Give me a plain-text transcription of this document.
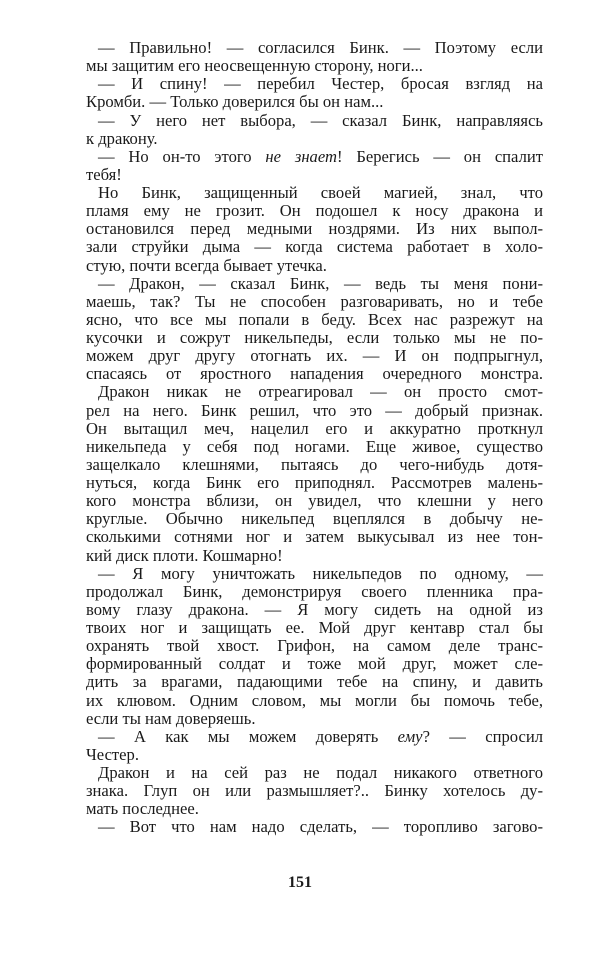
— Правильно! — согласился Бинк. — Поэтому если
мы защитим его неосвещенную сторону, ноги...
— И спину! — перебил Честер, бросая взгляд на
Кромби. — Только доверился бы он нам...
— У него нет выбора, — сказал Бинк, направляясь
к дракону.
— Но он-то этого не знает! Берегись — он спалит
тебя!
Но Бинк, защищенный своей магией, знал, что
пламя ему не грозит. Он подошел к носу дракона и
остановился перед медными ноздрями. Из них выпол-
зали струйки дыма — когда система работает в холо-
стую, почти всегда бывает утечка.
— Дракон, — сказал Бинк, — ведь ты меня пони-
маешь, так? Ты не способен разговаривать, но и тебе
ясно, что все мы попали в беду. Всех нас разрежут на
кусочки и сожрут никельпеды, если только мы не по-
можем друг другу отогнать их. — И он подпрыгнул,
спасаясь от яростного нападения очередного монстра.
Дракон никак не отреагировал — он просто смот-
рел на него. Бинк решил, что это — добрый признак.
Он вытащил меч, нацелил его и аккуратно проткнул
никельпеда у себя под ногами. Еще живое, существо
защелкало клешнями, пытаясь до чего-нибудь дотя-
нуться, когда Бинк его приподнял. Рассмотрев малень-
кого монстра вблизи, он увидел, что клешни у него
круглые. Обычно никельпед вцеплялся в добычу не-
сколькими сотнями ног и затем выкусывал из нее тон-
кий диск плоти. Кошмарно!
— Я могу уничтожать никельпедов по одному, —
продолжал Бинк, демонстрируя своего пленника пра-
вому глазу дракона. — Я могу сидеть на одной из
твоих ног и защищать ее. Мой друг кентавр стал бы
охранять твой хвост. Грифон, на самом деле транс-
формированный солдат и тоже мой друг, может сле-
дить за врагами, падающими тебе на спину, и давить
их клювом. Одним словом, мы могли бы помочь тебе,
если ты нам доверяешь.
— А как мы можем доверять ему? — спросил
Честер.
Дракон и на сей раз не подал никакого ответного
знака. Глуп он или размышляет?.. Бинку хотелось ду-
мать последнее.
— Вот что нам надо сделать, — торопливо загово-
151
